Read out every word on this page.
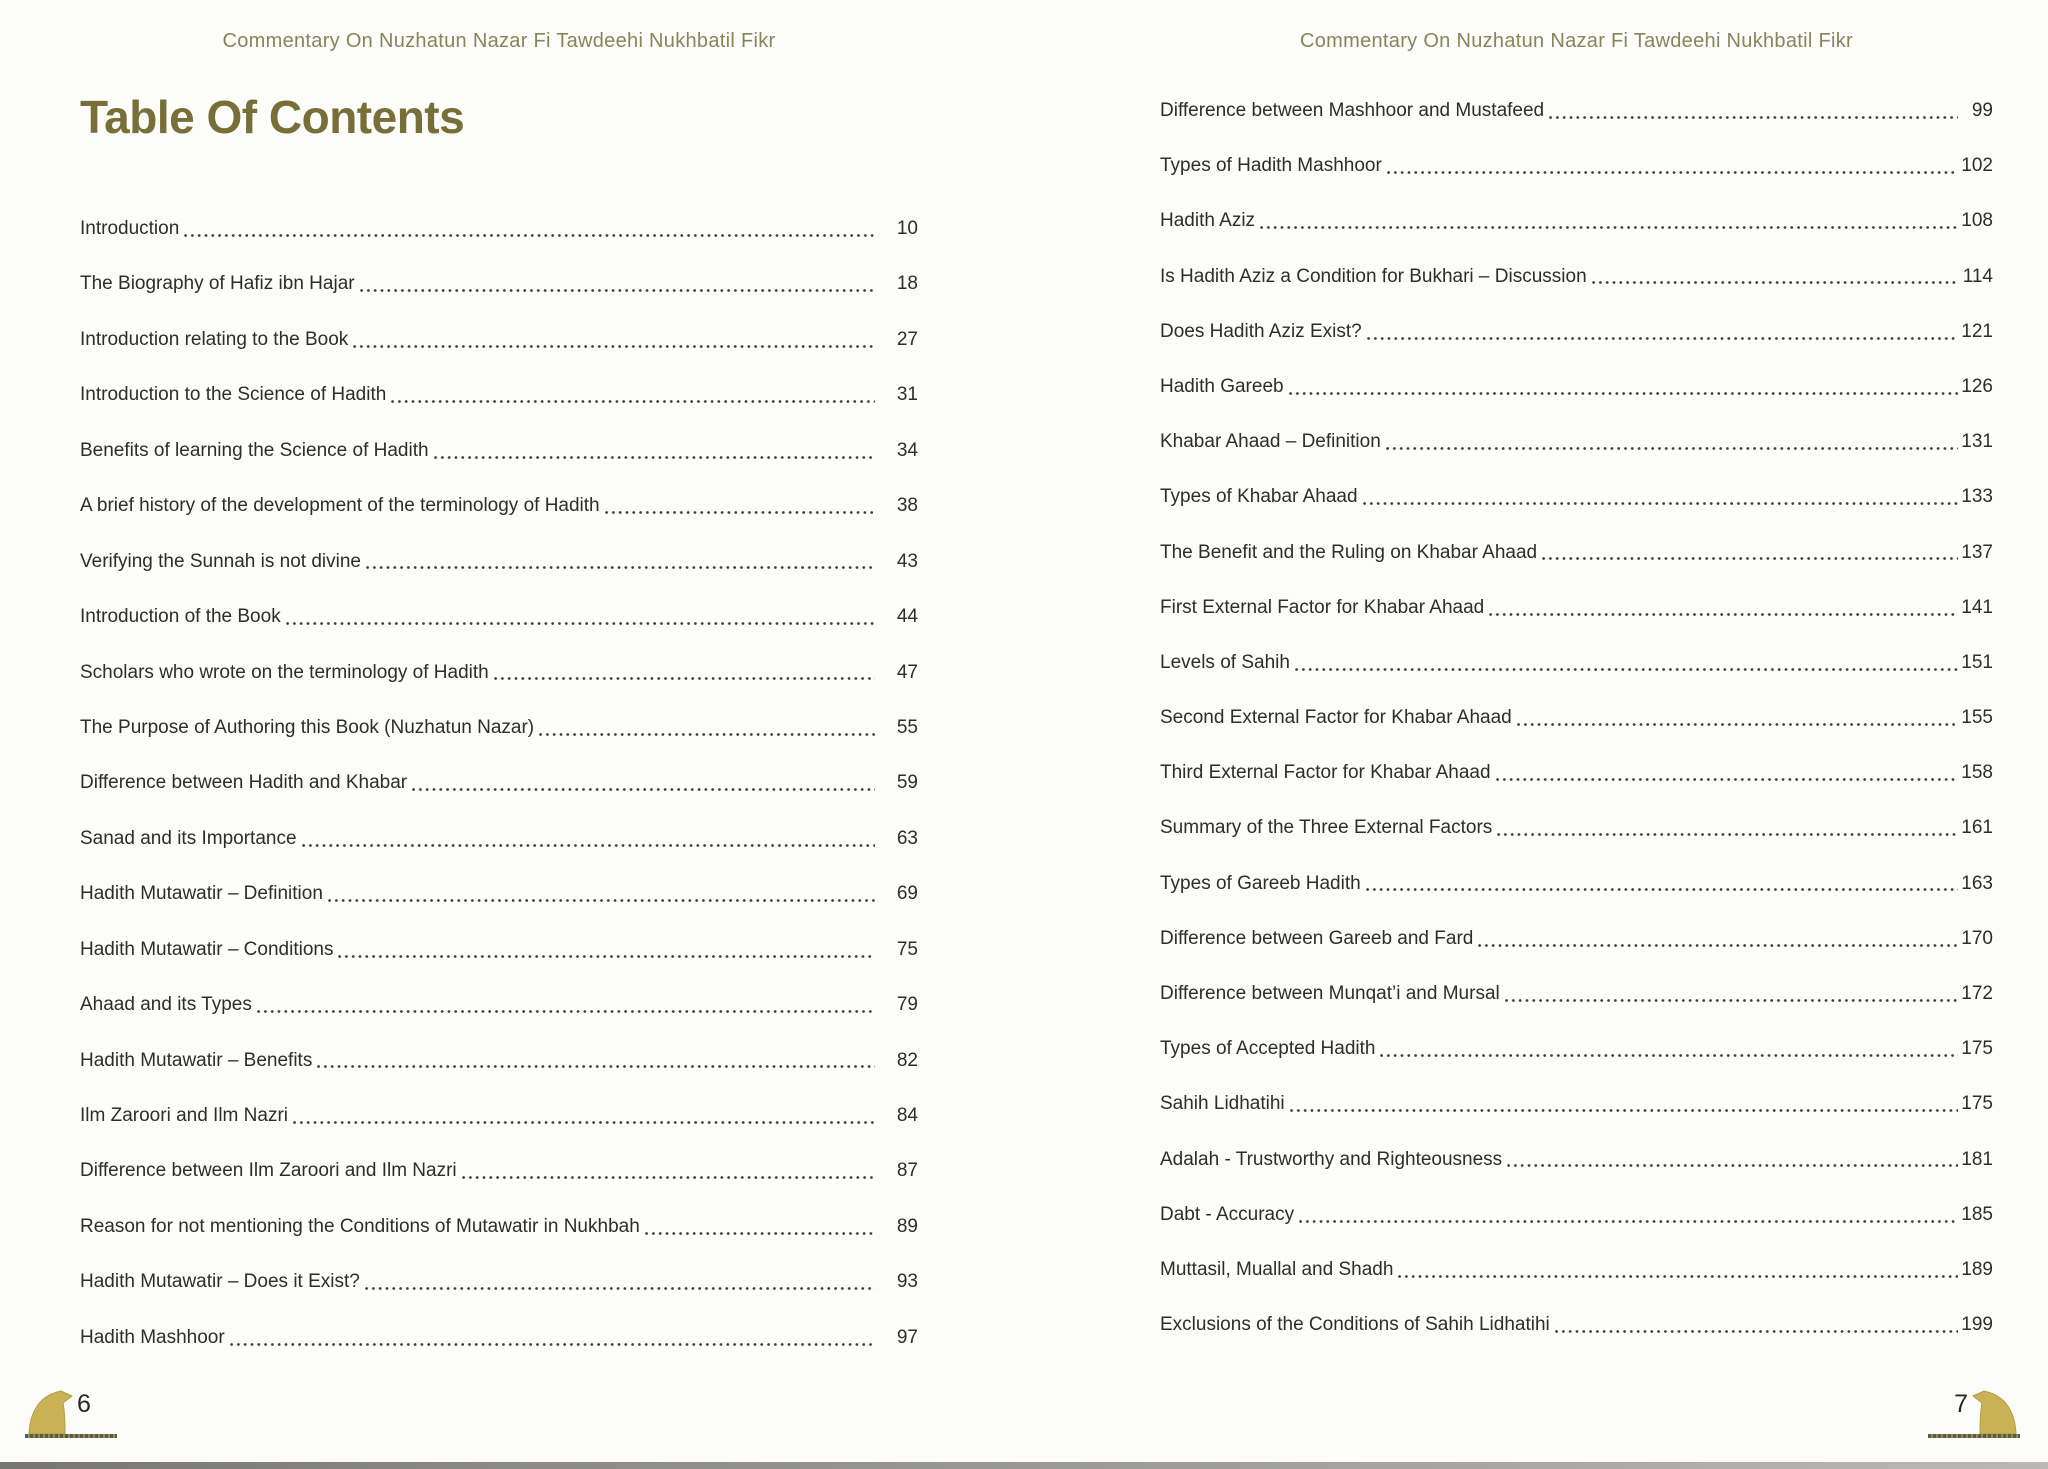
Commentary On Nuzhatun Nazar Fi Tawdeehi Nukhbatil Fikr
Table Of Contents
Introduction	10
The Biography of Hafiz ibn Hajar	18
Introduction relating to the Book	27
Introduction to the Science of Hadith	31
Benefits of learning the Science of Hadith	34
A brief history of the development of the terminology of Hadith	38
Verifying the Sunnah is not divine	43
Introduction of the Book	44
Scholars who wrote on the terminology of Hadith	47
The Purpose of Authoring this Book (Nuzhatun Nazar)	55
Difference between Hadith and Khabar	59
Sanad and its Importance	63
Hadith Mutawatir – Definition	69
Hadith Mutawatir – Conditions	75
Ahaad and its Types	79
Hadith Mutawatir – Benefits	82
Ilm Zaroori and Ilm Nazri	84
Difference between Ilm Zaroori and Ilm Nazri	87
Reason for not mentioning the Conditions of Mutawatir in Nukhbah	89
Hadith Mutawatir – Does it Exist?	93
Hadith Mashhoor	97
Commentary On Nuzhatun Nazar Fi Tawdeehi Nukhbatil Fikr
Difference between Mashhoor and Mustafeed	99
Types of Hadith Mashhoor	102
Hadith Aziz	108
Is Hadith Aziz a Condition for Bukhari – Discussion	114
Does Hadith Aziz Exist?	121
Hadith Gareeb	126
Khabar Ahaad – Definition	131
Types of Khabar Ahaad	133
The Benefit and the Ruling on Khabar Ahaad	137
First External Factor for Khabar Ahaad	141
Levels of Sahih	151
Second External Factor for Khabar Ahaad	155
Third External Factor for Khabar Ahaad	158
Summary of the Three External Factors	161
Types of Gareeb Hadith	163
Difference between Gareeb and Fard	170
Difference between Munqat’i and Mursal	172
Types of Accepted Hadith	175
Sahih Lidhatihi	175
Adalah - Trustworthy and Righteousness	181
Dabt - Accuracy	185
Muttasil, Muallal and Shadh	189
Exclusions of the Conditions of Sahih Lidhatihi	199
6	7
